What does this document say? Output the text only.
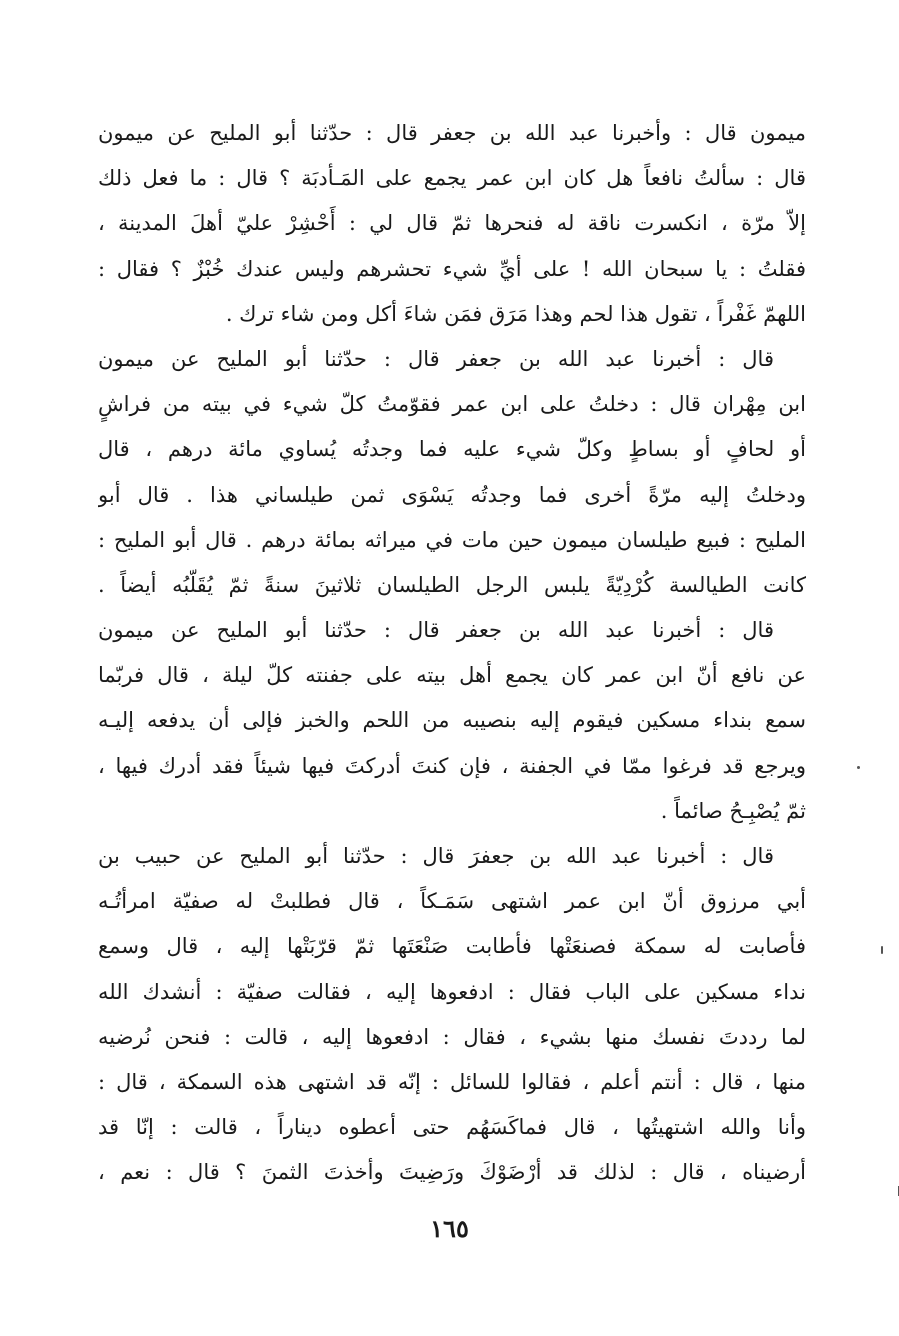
ميمون قال : وأخبرنا عبد الله بن جعفر قال : حدّثنا أبو المليح عن ميمون
قال : سألتُ نافعاً هل كان ابن عمر يجمع على المَـأدبَة ؟ قال : ما فعل ذلك
إلاّ مرّة ، انكسرت ناقة له فنحرها ثمّ قال لي : أَحْشِرْ عليّ أهلَ المدينة ،
فقلتُ : يا سبحان الله ! على أيِّ شيء تحشرهم وليس عندك خُبْزٌ ؟ فقال :
اللهمّ غَفْراً ، تقول هذا لحم وهذا مَرَق فمَن شاءَ أكل ومن شاء ترك .
قال : أخبرنا عبد الله بن جعفر قال : حدّثنا أبو المليح عن ميمون
ابن مِهْران قال : دخلتُ على ابن عمر فقوّمتُ كلّ شيء في بيته من فراشٍ
أو لحافٍ أو بساطٍ وكلّ شيء عليه فما وجدتُه يُساوي مائة درهم ، قال
ودخلتُ إليه مرّةً أخرى فما وجدتُه يَسْوَى ثمن طيلساني هذا . قال أبو
المليح : فبيع طيلسان ميمون حين مات في ميراثه بمائة درهم . قال أبو المليح :
كانت الطيالسة كُرْدِيّةً يلبس الرجل الطيلسان ثلاثينَ سنةً ثمّ يُقَلّبُه أيضاً .
قال : أخبرنا عبد الله بن جعفر قال : حدّثنا أبو المليح عن ميمون
عن نافع أنّ ابن عمر كان يجمع أهل بيته على جفنته كلّ ليلة ، قال فربّما
سمع بنداء مسكين فيقوم إليه بنصيبه من اللحم والخبز فإلى أن يدفعه إليـه
ويرجع قد فرغوا ممّا في الجفنة ، فإن كنتَ أدركتَ فيها شيئاً فقد أدرك فيها ،
ثمّ يُصْبِـحُ صائماً .
قال : أخبرنا عبد الله بن جعفرَ قال : حدّثنا أبو المليح عن حبيب بن
أبي مرزوق أنّ ابن عمر اشتهى سَمَـكاً ، قال فطلبتْ له صفيّة امرأتُـه
فأصابت له سمكة فصنعَتْها فأطابت صَنْعَتَها ثمّ قرّبَتْها إليه ، قال وسمع
نداء مسكين على الباب فقال : ادفعوها إليه ، فقالت صفيّة : أنشدك الله
لما رددتَ نفسك منها بشيء ، فقال : ادفعوها إليه ، قالت : فنحن نُرضيه
منها ، قال : أنتم أعلم ، فقالوا للسائل : إنّه قد اشتهى هذه السمكة ، قال :
وأنا والله اشتهيتُها ، قال فماكَسَهُم حتى أعطوه ديناراً ، قالت : إنّا قد
أرضيناه ، قال : لذلك قد أرْضَوْكَ ورَضِيتَ وأخذتَ الثمنَ ؟ قال : نعم ،
١٦٥
